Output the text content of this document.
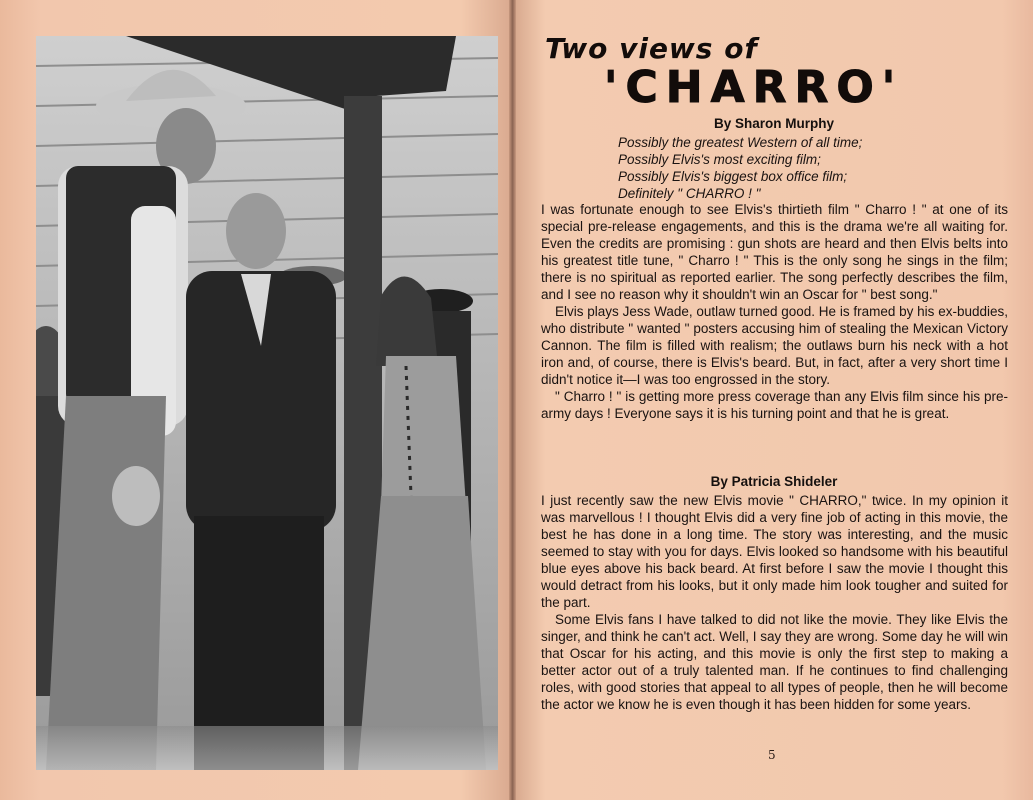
Two views of
'CHARRO'
By Sharon Murphy
Possibly the greatest Western of all time;
Possibly Elvis's most exciting film;
Possibly Elvis's biggest box office film;
Definitely " CHARRO ! "

I was fortunate enough to see Elvis's thirtieth film " Charro ! " at one of its special pre-release engagements, and this is the drama we're all waiting for. Even the credits are promising : gun shots are heard and then Elvis belts into his greatest title tune, " Charro ! " This is the only song he sings in the film; there is no spiritual as reported earlier. The song perfectly describes the film, and I see no reason why it shouldn't win an Oscar for " best song."

Elvis plays Jess Wade, outlaw turned good. He is framed by his ex-buddies, who distribute " wanted " posters accusing him of stealing the Mexican Victory Cannon. The film is filled with realism; the outlaws burn his neck with a hot iron and, of course, there is Elvis's beard. But, in fact, after a very short time I didn't notice it—I was too engrossed in the story.

" Charro ! " is getting more press coverage than any Elvis film since his pre-army days ! Everyone says it is his turning point and that he is great.

By Patricia Shideler

I just recently saw the new Elvis movie " CHARRO," twice. In my opinion it was marvellous ! I thought Elvis did a very fine job of acting in this movie, the best he has done in a long time. The story was interesting, and the music seemed to stay with you for days. Elvis looked so handsome with his beautiful blue eyes above his back beard. At first before I saw the movie I thought this would detract from his looks, but it only made him look tougher and suited for the part.

Some Elvis fans I have talked to did not like the movie. They like Elvis the singer, and think he can't act. Well, I say they are wrong. Some day he will win that Oscar for his acting, and this movie is only the first step to making a better actor out of a truly talented man. If he continues to find challenging roles, with good stories that appeal to all types of people, then he will become the actor we know he is even though it has been hidden for some years.

5
